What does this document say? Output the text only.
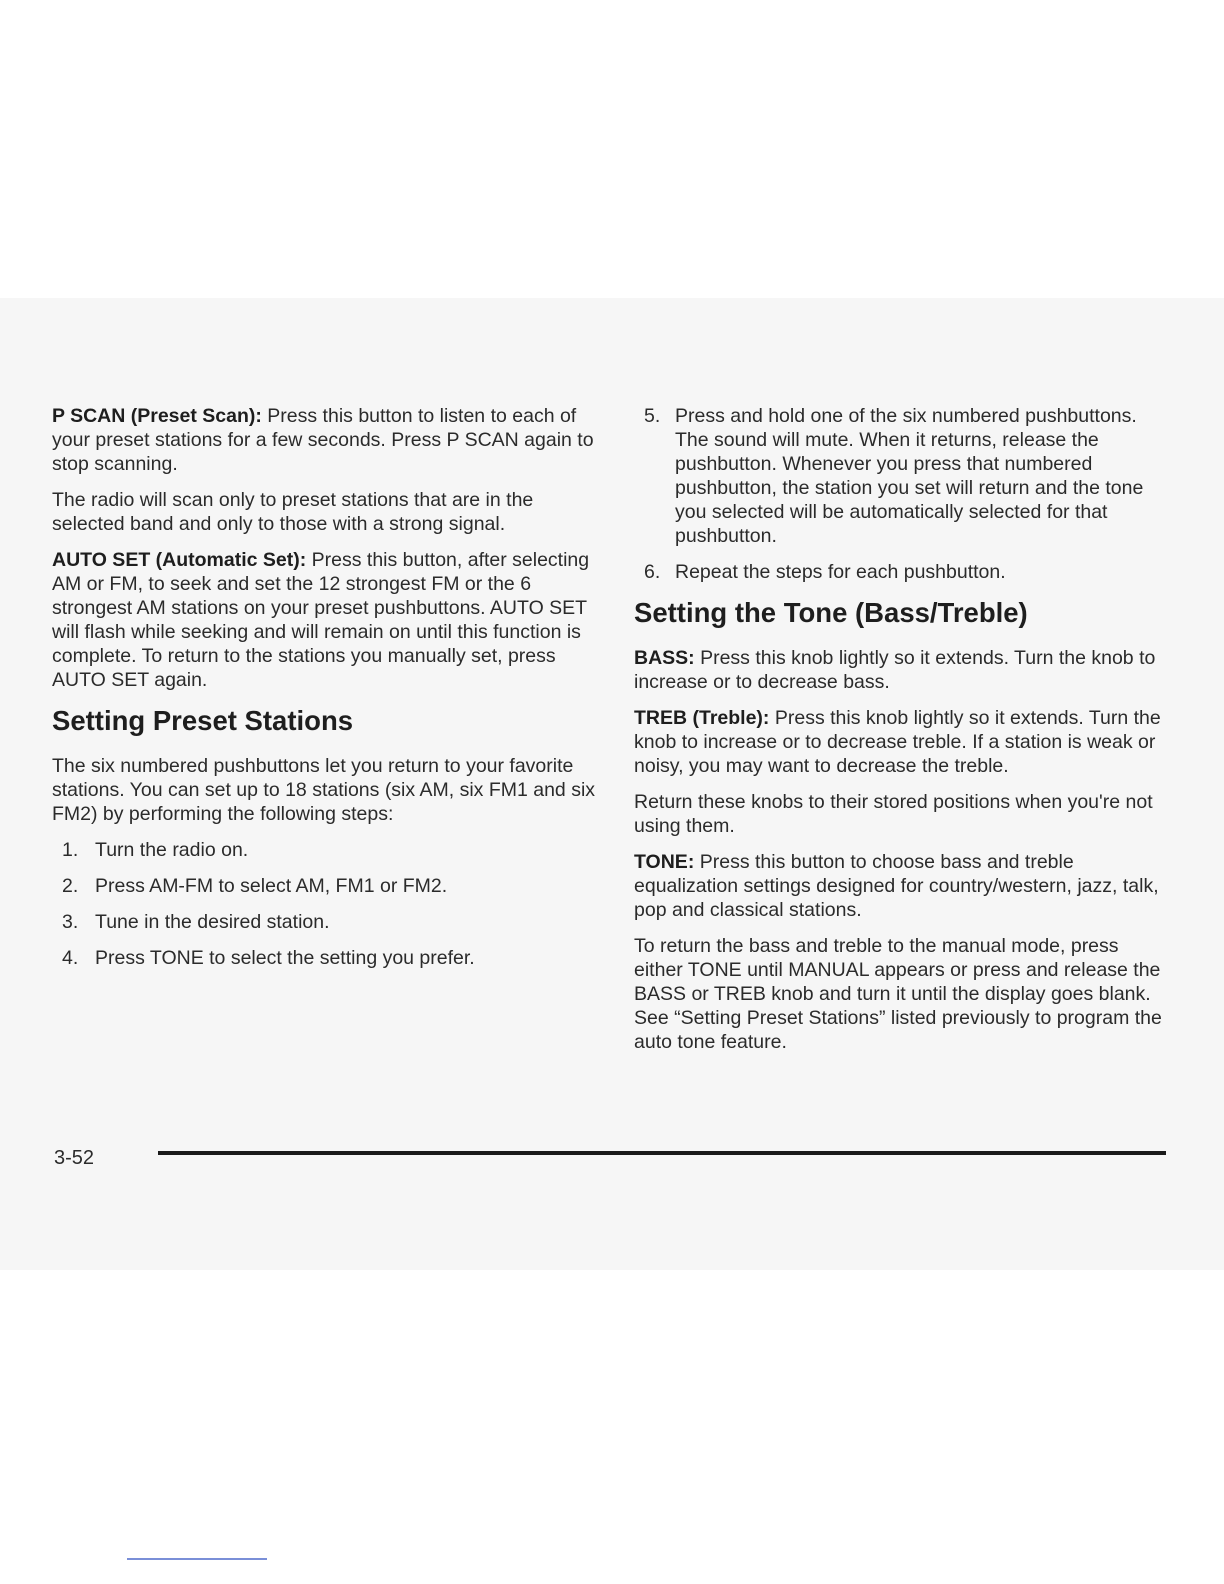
P SCAN (Preset Scan): Press this button to listen to each of your preset stations for a few seconds. Press P SCAN again to stop scanning.

The radio will scan only to preset stations that are in the selected band and only to those with a strong signal.

AUTO SET (Automatic Set): Press this button, after selecting AM or FM, to seek and set the 12 strongest FM or the 6 strongest AM stations on your preset pushbuttons. AUTO SET will flash while seeking and will remain on until this function is complete. To return to the stations you manually set, press AUTO SET again.

Setting Preset Stations

The six numbered pushbuttons let you return to your favorite stations. You can set up to 18 stations (six AM, six FM1 and six FM2) by performing the following steps:

1. Turn the radio on.
2. Press AM-FM to select AM, FM1 or FM2.
3. Tune in the desired station.
4. Press TONE to select the setting you prefer.
5. Press and hold one of the six numbered pushbuttons. The sound will mute. When it returns, release the pushbutton. Whenever you press that numbered pushbutton, the station you set will return and the tone you selected will be automatically selected for that pushbutton.
6. Repeat the steps for each pushbutton.
Setting the Tone (Bass/Treble)

BASS: Press this knob lightly so it extends. Turn the knob to increase or to decrease bass.

TREB (Treble): Press this knob lightly so it extends. Turn the knob to increase or to decrease treble. If a station is weak or noisy, you may want to decrease the treble.

Return these knobs to their stored positions when you're not using them.

TONE: Press this button to choose bass and treble equalization settings designed for country/western, jazz, talk, pop and classical stations.

To return the bass and treble to the manual mode, press either TONE until MANUAL appears or press and release the BASS or TREB knob and turn it until the display goes blank. See “Setting Preset Stations” listed previously to program the auto tone feature.

3-52
